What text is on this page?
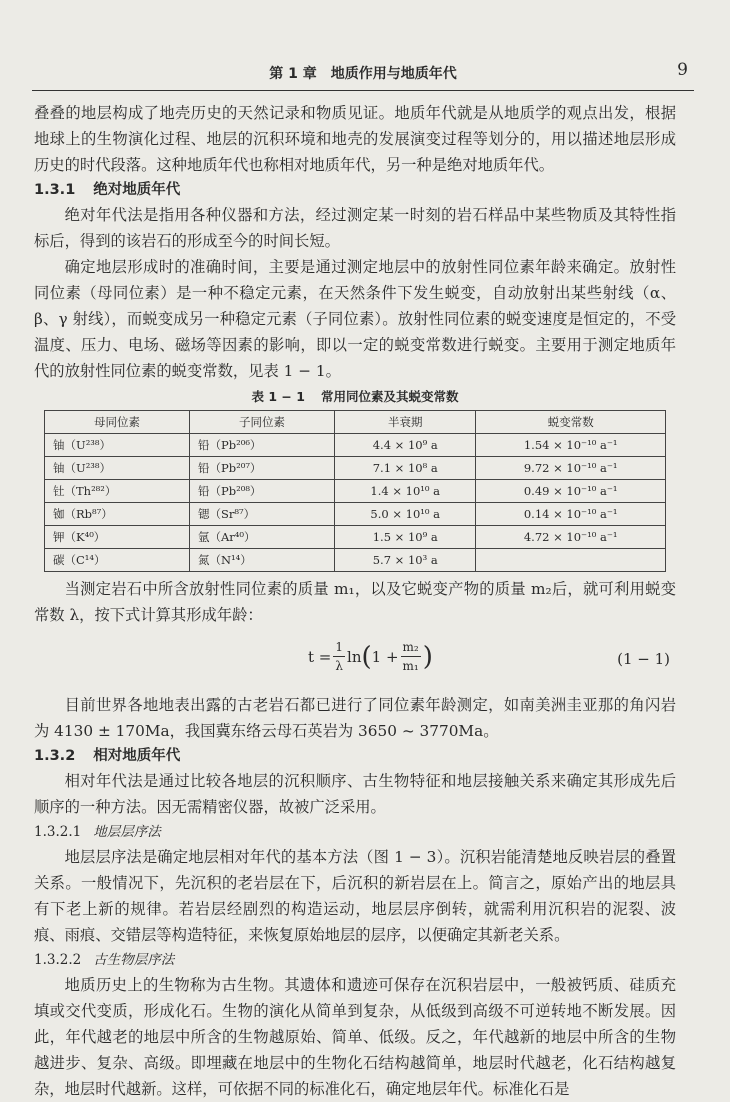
第 1 章　地质作用与地质年代	9

叠叠的地层构成了地壳历史的天然记录和物质见证。地质年代就是从地质学的观点出发，根据地球上的生物演化过程、地层的沉积环境和地壳的发展演变过程等划分的，用以描述地层形成历史的时代段落。这种地质年代也称相对地质年代，另一种是绝对地质年代。

1.3.1 绝对地质年代

绝对年代法是指用各种仪器和方法，经过测定某一时刻的岩石样品中某些物质及其特性指标后，得到的该岩石的形成至今的时间长短。

确定地层形成时的准确时间，主要是通过测定地层中的放射性同位素年龄来确定。放射性同位素（母同位素）是一种不稳定元素，在天然条件下发生蜕变，自动放射出某些射线（α、β、γ 射线），而蜕变成另一种稳定元素（子同位素）。放射性同位素的蜕变速度是恒定的，不受温度、压力、电场、磁场等因素的影响，即以一定的蜕变常数进行蜕变。主要用于测定地质年代的放射性同位素的蜕变常数，见表 1 − 1。

表 1 − 1 常用同位素及其蜕变常数
母同位素	子同位素	半衰期	蜕变常数
铀（U²³⁸）	铅（Pb²⁰⁶）	4.4 × 10⁹ a	1.54 × 10⁻¹⁰ a⁻¹
铀（U²³⁸）	铅（Pb²⁰⁷）	7.1 × 10⁸ a	9.72 × 10⁻¹⁰ a⁻¹
钍（Th²⁸²）	铅（Pb²⁰⁸）	1.4 × 10¹⁰ a	0.49 × 10⁻¹⁰ a⁻¹
铷（Rb⁸⁷）	锶（Sr⁸⁷）	5.0 × 10¹⁰ a	0.14 × 10⁻¹⁰ a⁻¹
钾（K⁴⁰）	氩（Ar⁴⁰）	1.5 × 10⁹ a	4.72 × 10⁻¹⁰ a⁻¹
碳（C¹⁴）	氮（N¹⁴）	5.7 × 10³ a	

当测定岩石中所含放射性同位素的质量 m₁，以及它蜕变产物的质量 m₂后，就可利用蜕变常数 λ，按下式计算其形成年龄：

$t = \frac{1}{\lambda}$ ln ( $1 + \frac{\text{m₂}}{\text{m₁}}$ )	(1 − 1)

目前世界各地地表出露的古老岩石都已进行了同位素年龄测定，如南美洲圭亚那的角闪岩为 4130 ± 170Ma，我国冀东络云母石英岩为 3650 ~ 3770Ma。

1.3.2 相对地质年代

相对年代法是通过比较各地层的沉积顺序、古生物特征和地层接触关系来确定其形成先后顺序的一种方法。因无需精密仪器，故被广泛采用。

1.3.2.1 地层层序法

地层层序法是确定地层相对年代的基本方法（图 1 − 3）。沉积岩能清楚地反映岩层的叠置关系。一般情况下，先沉积的老岩层在下，后沉积的新岩层在上。简言之，原始产出的地层具有下老上新的规律。若岩层经剧烈的构造运动，地层层序倒转，就需利用沉积岩的泥裂、波痕、雨痕、交错层等构造特征，来恢复原始地层的层序，以便确定其新老关系。

1.3.2.2 古生物层序法

地质历史上的生物称为古生物。其遗体和遗迹可保存在沉积岩层中，一般被钙质、硅质充填或交代变质，形成化石。生物的演化从简单到复杂，从低级到高级不可逆转地不断发展。因此，年代越老的地层中所含的生物越原始、简单、低级。反之，年代越新的地层中所含的生物越进步、复杂、高级。即埋藏在地层中的生物化石结构越简单，地层时代越老，化石结构越复杂，地层时代越新。这样，可依据不同的标准化石，确定地层年代。标准化石是
